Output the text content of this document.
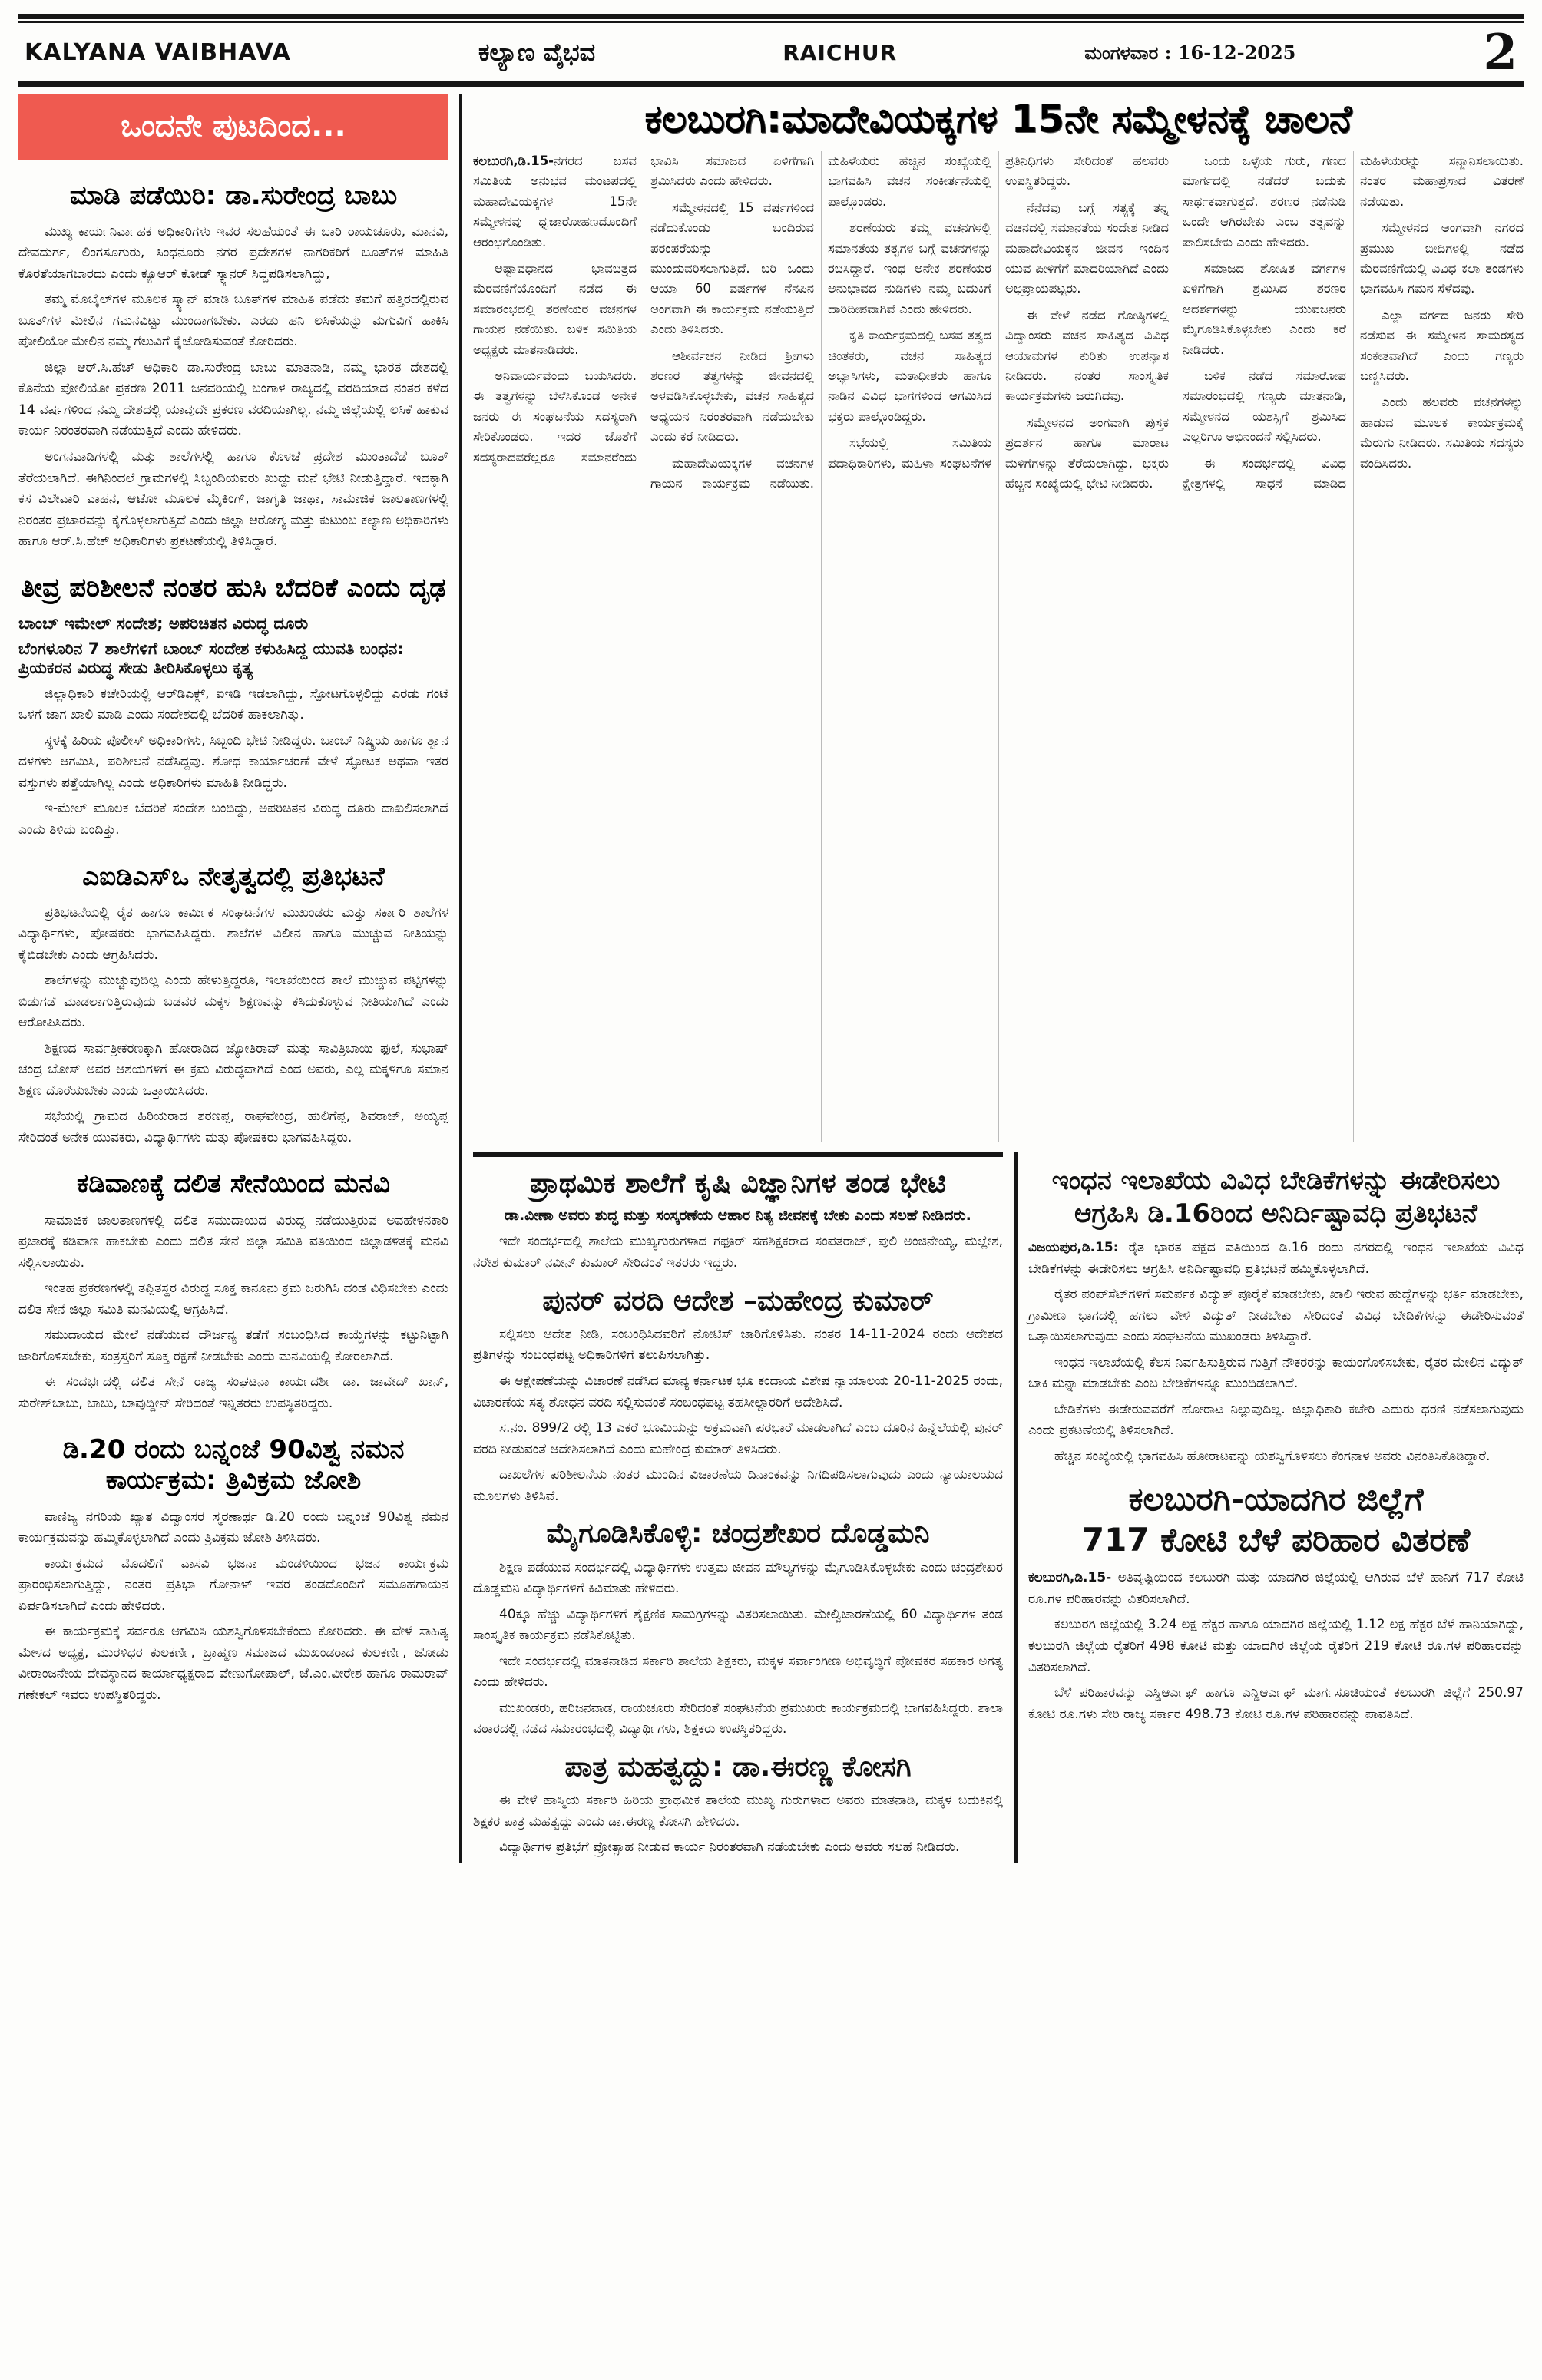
KALYANA VAIBHAVA	ಕಲ್ಯಾಣ ವೈಭವ	RAICHUR	ಮಂಗಳವಾರ : 16-12-2025	2
ಒಂದನೇ ಪುಟದಿಂದ...
ಮಾಡಿ ಪಡೆಯಿರಿ: ಡಾ.ಸುರೇಂದ್ರ ಬಾಬು

ಮುಖ್ಯ ಕಾರ್ಯನಿರ್ವಾಹಕ ಅಧಿಕಾರಿಗಳು ಇವರ ಸಲಹೆಯಂತೆ ಈ ಬಾರಿ ರಾಯಚೂರು, ಮಾನವಿ, ದೇವದುರ್ಗ, ಲಿಂಗಸೂಗುರು, ಸಿಂಧನೂರು ನಗರ ಪ್ರದೇಶಗಳ ನಾಗರಿಕರಿಗೆ ಬೂತ್‌ಗಳ ಮಾಹಿತಿ ಕೊರತೆಯಾಗಬಾರದು ಎಂದು ಕ್ಯೂಆರ್ ಕೋಡ್ ಸ್ಕ್ಯಾನರ್ ಸಿದ್ದಪಡಿಸಲಾಗಿದ್ದು,

ತಮ್ಮ ಮೊಬೈಲ್‌ಗಳ ಮೂಲಕ ಸ್ಕ್ಯಾನ್ ಮಾಡಿ ಬೂತ್‌ಗಳ ಮಾಹಿತಿ ಪಡೆದು ತಮಗೆ ಹತ್ತಿರದಲ್ಲಿರುವ ಬೂತ್‌ಗಳ ಮೇಲಿನ ಗಮನವಿಟ್ಟು ಮುಂದಾಗಬೇಕು. ಎರಡು ಹನಿ ಲಸಿಕೆಯನ್ನು ಮಗುವಿಗೆ ಹಾಕಿಸಿ ಪೋಲಿಯೋ ಮೇಲಿನ ನಮ್ಮ ಗೆಲುವಿಗೆ ಕೈಜೋಡಿಸುವಂತೆ ಕೋರಿದರು.

ಜಿಲ್ಲಾ ಆರ್.ಸಿ.ಹೆಚ್ ಅಧಿಕಾರಿ ಡಾ.ಸುರೇಂದ್ರ ಬಾಬು ಮಾತನಾಡಿ, ನಮ್ಮ ಭಾರತ ದೇಶದಲ್ಲಿ ಕೊನೆಯ ಪೋಲಿಯೋ ಪ್ರಕರಣ 2011 ಜನವರಿಯಲ್ಲಿ ಬಂಗಾಳ ರಾಜ್ಯದಲ್ಲಿ ವರದಿಯಾದ ನಂತರ ಕಳೆದ 14 ವರ್ಷಗಳಿಂದ ನಮ್ಮ ದೇಶದಲ್ಲಿ ಯಾವುದೇ ಪ್ರಕರಣ ವರದಿಯಾಗಿಲ್ಲ. ನಮ್ಮ ಜಿಲ್ಲೆಯಲ್ಲಿ ಲಸಿಕೆ ಹಾಕುವ ಕಾರ್ಯ ನಿರಂತರವಾಗಿ ನಡೆಯುತ್ತಿದೆ ಎಂದು ಹೇಳಿದರು.

ಅಂಗನವಾಡಿಗಳಲ್ಲಿ ಮತ್ತು ಶಾಲೆಗಳಲ್ಲಿ ಹಾಗೂ ಕೊಳಚೆ ಪ್ರದೇಶ ಮುಂತಾದೆಡೆ ಬೂತ್ ತೆರೆಯಲಾಗಿದೆ. ಈಗಿನಿಂದಲೆ ಗ್ರಾಮಗಳಲ್ಲಿ ಸಿಬ್ಬಂದಿಯವರು ಖುದ್ದು ಮನೆ ಭೇಟಿ ನೀಡುತ್ತಿದ್ದಾರೆ. ಇದಕ್ಕಾಗಿ ಕಸ ವಿಲೇವಾರಿ ವಾಹನ, ಆಟೋ ಮೂಲಕ ಮೈಕಿಂಗ್, ಜಾಗೃತಿ ಜಾಥಾ, ಸಾಮಾಜಿಕ ಜಾಲತಾಣಗಳಲ್ಲಿ ನಿರಂತರ ಪ್ರಚಾರವನ್ನು ಕೈಗೊಳ್ಳಲಾಗುತ್ತಿದೆ ಎಂದು ಜಿಲ್ಲಾ ಆರೋಗ್ಯ ಮತ್ತು ಕುಟುಂಬ ಕಲ್ಯಾಣ ಅಧಿಕಾರಿಗಳು ಹಾಗೂ ಆರ್.ಸಿ.ಹೆಚ್ ಅಧಿಕಾರಿಗಳು ಪ್ರಕಟಣೆಯಲ್ಲಿ ತಿಳಿಸಿದ್ದಾರೆ.

ತೀವ್ರ ಪರಿಶೀಲನೆ ನಂತರ ಹುಸಿ ಬೆದರಿಕೆ ಎಂದು ದೃಢ
ಬಾಂಬ್ ಇಮೇಲ್ ಸಂದೇಶ; ಅಪರಿಚಿತನ ವಿರುದ್ಧ ದೂರು
ಬೆಂಗಳೂರಿನ 7 ಶಾಲೆಗಳಿಗೆ ಬಾಂಬ್ ಸಂದೇಶ ಕಳುಹಿಸಿದ್ದ ಯುವತಿ ಬಂಧನ: ಪ್ರಿಯಕರನ ವಿರುದ್ಧ ಸೇಡು ತೀರಿಸಿಕೊಳ್ಳಲು ಕೃತ್ಯ

ಜಿಲ್ಲಾಧಿಕಾರಿ ಕಚೇರಿಯಲ್ಲಿ ಆರ್‌ಡಿಎಕ್ಸ್, ಐಇಡಿ ಇಡಲಾಗಿದ್ದು, ಸ್ಫೋಟಗೊಳ್ಳಲಿದ್ದು ಎರಡು ಗಂಟೆ ಒಳಗೆ ಜಾಗ ಖಾಲಿ ಮಾಡಿ ಎಂದು ಸಂದೇಶದಲ್ಲಿ ಬೆದರಿಕೆ ಹಾಕಲಾಗಿತ್ತು.

ಸ್ಥಳಕ್ಕೆ ಹಿರಿಯ ಪೊಲೀಸ್ ಅಧಿಕಾರಿಗಳು, ಸಿಬ್ಬಂದಿ ಭೇಟಿ ನೀಡಿದ್ದರು. ಬಾಂಬ್ ನಿಷ್ಕ್ರಿಯ ಹಾಗೂ ಶ್ವಾನ ದಳಗಳು ಆಗಮಿಸಿ, ಪರಿಶೀಲನೆ ನಡೆಸಿದ್ದವು. ಶೋಧ ಕಾರ್ಯಾಚರಣೆ ವೇಳೆ ಸ್ಫೋಟಕ ಅಥವಾ ಇತರ ವಸ್ತುಗಳು ಪತ್ತೆಯಾಗಿಲ್ಲ ಎಂದು ಅಧಿಕಾರಿಗಳು ಮಾಹಿತಿ ನೀಡಿದ್ದರು.

ಇ-ಮೇಲ್ ಮೂಲಕ ಬೆದರಿಕೆ ಸಂದೇಶ ಬಂದಿದ್ದು, ಅಪರಿಚಿತನ ವಿರುದ್ಧ ದೂರು ದಾಖಲಿಸಲಾಗಿದೆ ಎಂದು ತಿಳಿದು ಬಂದಿತ್ತು.

ಎಐಡಿಎಸ್‌ಒ ನೇತೃತ್ವದಲ್ಲಿ ಪ್ರತಿಭಟನೆ

ಪ್ರತಿಭಟನೆಯಲ್ಲಿ ರೈತ ಹಾಗೂ ಕಾರ್ಮಿಕ ಸಂಘಟನೆಗಳ ಮುಖಂಡರು ಮತ್ತು ಸರ್ಕಾರಿ ಶಾಲೆಗಳ ವಿದ್ಯಾರ್ಥಿಗಳು, ಪೋಷಕರು ಭಾಗವಹಿಸಿದ್ದರು. ಶಾಲೆಗಳ ವಿಲೀನ ಹಾಗೂ ಮುಚ್ಚುವ ನೀತಿಯನ್ನು ಕೈಬಿಡಬೇಕು ಎಂದು ಆಗ್ರಹಿಸಿದರು.

ಶಾಲೆಗಳನ್ನು ಮುಚ್ಚುವುದಿಲ್ಲ ಎಂದು ಹೇಳುತ್ತಿದ್ದರೂ, ಇಲಾಖೆಯಿಂದ ಶಾಲೆ ಮುಚ್ಚುವ ಪಟ್ಟಿಗಳನ್ನು ಬಿಡುಗಡೆ ಮಾಡಲಾಗುತ್ತಿರುವುದು ಬಡವರ ಮಕ್ಕಳ ಶಿಕ್ಷಣವನ್ನು ಕಸಿದುಕೊಳ್ಳುವ ನೀತಿಯಾಗಿದೆ ಎಂದು ಆರೋಪಿಸಿದರು.

ಶಿಕ್ಷಣದ ಸಾರ್ವತ್ರೀಕರಣಕ್ಕಾಗಿ ಹೋರಾಡಿದ ಜ್ಯೋತಿರಾವ್ ಮತ್ತು ಸಾವಿತ್ರಿಬಾಯಿ ಫುಲೆ, ಸುಭಾಷ್ ಚಂದ್ರ ಬೋಸ್ ಅವರ ಆಶಯಗಳಿಗೆ ಈ ಕ್ರಮ ವಿರುದ್ಧವಾಗಿದೆ ಎಂದ ಅವರು, ಎಲ್ಲ ಮಕ್ಕಳಿಗೂ ಸಮಾನ ಶಿಕ್ಷಣ ದೊರೆಯಬೇಕು ಎಂದು ಒತ್ತಾಯಿಸಿದರು.

ಸಭೆಯಲ್ಲಿ ಗ್ರಾಮದ ಹಿರಿಯರಾದ ಶರಣಪ್ಪ, ರಾಘವೇಂದ್ರ, ಹುಲಿಗೆಪ್ಪ, ಶಿವರಾಜ್, ಅಯ್ಯಪ್ಪ ಸೇರಿದಂತೆ ಅನೇಕ ಯುವಕರು, ವಿದ್ಯಾರ್ಥಿಗಳು ಮತ್ತು ಪೋಷಕರು ಭಾಗವಹಿಸಿದ್ದರು.

ಕಡಿವಾಣಕ್ಕೆ ದಲಿತ ಸೇನೆಯಿಂದ ಮನವಿ

ಸಾಮಾಜಿಕ ಜಾಲತಾಣಗಳಲ್ಲಿ ದಲಿತ ಸಮುದಾಯದ ವಿರುದ್ಧ ನಡೆಯುತ್ತಿರುವ ಅವಹೇಳನಕಾರಿ ಪ್ರಚಾರಕ್ಕೆ ಕಡಿವಾಣ ಹಾಕಬೇಕು ಎಂದು ದಲಿತ ಸೇನೆ ಜಿಲ್ಲಾ ಸಮಿತಿ ವತಿಯಿಂದ ಜಿಲ್ಲಾಡಳಿತಕ್ಕೆ ಮನವಿ ಸಲ್ಲಿಸಲಾಯಿತು.

ಇಂತಹ ಪ್ರಕರಣಗಳಲ್ಲಿ ತಪ್ಪಿತಸ್ಥರ ವಿರುದ್ಧ ಸೂಕ್ತ ಕಾನೂನು ಕ್ರಮ ಜರುಗಿಸಿ ದಂಡ ವಿಧಿಸಬೇಕು ಎಂದು ದಲಿತ ಸೇನೆ ಜಿಲ್ಲಾ ಸಮಿತಿ ಮನವಿಯಲ್ಲಿ ಆಗ್ರಹಿಸಿದೆ.

ಸಮುದಾಯದ ಮೇಲೆ ನಡೆಯುವ ದೌರ್ಜನ್ಯ ತಡೆಗೆ ಸಂಬಂಧಿಸಿದ ಕಾಯ್ದೆಗಳನ್ನು ಕಟ್ಟುನಿಟ್ಟಾಗಿ ಜಾರಿಗೊಳಿಸಬೇಕು, ಸಂತ್ರಸ್ತರಿಗೆ ಸೂಕ್ತ ರಕ್ಷಣೆ ನೀಡಬೇಕು ಎಂದು ಮನವಿಯಲ್ಲಿ ಕೋರಲಾಗಿದೆ.

ಈ ಸಂದರ್ಭದಲ್ಲಿ ದಲಿತ ಸೇನೆ ರಾಜ್ಯ ಸಂಘಟನಾ ಕಾರ್ಯದರ್ಶಿ ಡಾ. ಜಾವೇದ್ ಖಾನ್, ಸುರೇಶ್‌ಬಾಬು, ಬಾಬು, ಬಾವುದ್ದೀನ್ ಸೇರಿದಂತೆ ಇನ್ನಿತರರು ಉಪಸ್ಥಿತರಿದ್ದರು.

ಡಿ.20 ರಂದು ಬನ್ನಂಜೆ 90ವಿಶ್ವ ನಮನ ಕಾರ್ಯಕ್ರಮ: ತ್ರಿವಿಕ್ರಮ ಜೋಶಿ

ವಾಣಿಜ್ಯ ನಗರಿಯ ಖ್ಯಾತ ವಿದ್ವಾಂಸರ ಸ್ಮರಣಾರ್ಥ ಡಿ.20 ರಂದು ಬನ್ನಂಜೆ 90ವಿಶ್ವ ನಮನ ಕಾರ್ಯಕ್ರಮವನ್ನು ಹಮ್ಮಿಕೊಳ್ಳಲಾಗಿದೆ ಎಂದು ತ್ರಿವಿಕ್ರಮ ಜೋಶಿ ತಿಳಿಸಿದರು.

ಕಾರ್ಯಕ್ರಮದ ಮೊದಲಿಗೆ ವಾಸವಿ ಭಜನಾ ಮಂಡಳಿಯಿಂದ ಭಜನ ಕಾರ್ಯಕ್ರಮ ಪ್ರಾರಂಭಿಸಲಾಗುತ್ತಿದ್ದು, ನಂತರ ಪ್ರತಿಭಾ ಗೋನಾಳ್ ಇವರ ತಂಡದೊಂದಿಗೆ ಸಮೂಹಗಾಯನ ಏರ್ಪಡಿಸಲಾಗಿದೆ ಎಂದು ಹೇಳಿದರು.

ಈ ಕಾರ್ಯಕ್ರಮಕ್ಕೆ ಸರ್ವರೂ ಆಗಮಿಸಿ ಯಶಸ್ವಿಗೊಳಿಸಬೇಕೆಂದು ಕೋರಿದರು. ಈ ವೇಳೆ ಸಾಹಿತ್ಯ ಮೇಳದ ಅಧ್ಯಕ್ಷ, ಮುರಳಿಧರ ಕುಲಕರ್ಣಿ, ಬ್ರಾಹ್ಮಣ ಸಮಾಜದ ಮುಖಂಡರಾದ ಕುಲಕರ್ಣಿ, ಜೋಡು ವೀರಾಂಜನೇಯ ದೇವಸ್ಥಾನದ ಕಾರ್ಯಾಧ್ಯಕ್ಷರಾದ ವೇಣುಗೋಪಾಲ್, ಜೆ.ಎಂ.ವೀರೇಶ ಹಾಗೂ ರಾಮರಾವ್ ಗಣೇಕಲ್ ಇವರು ಉಪಸ್ಥಿತರಿದ್ದರು.

ಕಲಬುರಗಿ:ಮಾದೇವಿಯಕ್ಕಗಳ 15ನೇ ಸಮ್ಮೇಳನಕ್ಕೆ ಚಾಲನೆ

ಕಲಬುರಗಿ,ಡಿ.15-ನಗರದ ಬಸವ ಸಮಿತಿಯ ಅನುಭವ ಮಂಟಪದಲ್ಲಿ ಮಹಾದೇವಿಯಕ್ಕಗಳ 15ನೇ ಸಮ್ಮೇಳನವು ಧ್ವಜಾರೋಹಣದೊಂದಿಗೆ ಆರಂಭಗೊಂಡಿತು.

ಅಷ್ಟಾವಧಾನದ ಭಾವಚಿತ್ರದ ಮೆರವಣಿಗೆಯೊಂದಿಗೆ ನಡೆದ ಈ ಸಮಾರಂಭದಲ್ಲಿ ಶರಣೆಯರ ವಚನಗಳ ಗಾಯನ ನಡೆಯಿತು. ಬಳಿಕ ಸಮಿತಿಯ ಅಧ್ಯಕ್ಷರು ಮಾತನಾಡಿದರು.

ಅನಿವಾರ್ಯವೆಂದು ಬಯಸಿದರು. ಈ ತತ್ವಗಳನ್ನು ಬೆಳೆಸಿಕೊಂಡ ಅನೇಕ ಜನರು ಈ ಸಂಘಟನೆಯ ಸದಸ್ಯರಾಗಿ ಸೇರಿಕೊಂಡರು. ಇದರ ಜೊತೆಗೆ ಸದಸ್ಯರಾದವರೆಲ್ಲರೂ ಸಮಾನರೆಂದು ಭಾವಿಸಿ ಸಮಾಜದ ಏಳಿಗೆಗಾಗಿ ಶ್ರಮಿಸಿದರು ಎಂದು ಹೇಳಿದರು.

ಸಮ್ಮೇಳನದಲ್ಲಿ 15 ವರ್ಷಗಳಿಂದ ನಡೆದುಕೊಂಡು ಬಂದಿರುವ ಪರಂಪರೆಯನ್ನು ಮುಂದುವರಿಸಲಾಗುತ್ತಿದೆ. ಬರಿ ಒಂದು ಆಯಾ 60 ವರ್ಷಗಳ ನೆನಪಿನ ಅಂಗವಾಗಿ ಈ ಕಾರ್ಯಕ್ರಮ ನಡೆಯುತ್ತಿದೆ ಎಂದು ತಿಳಿಸಿದರು.

ಆಶೀರ್ವಚನ ನೀಡಿದ ಶ್ರೀಗಳು ಶರಣರ ತತ್ವಗಳನ್ನು ಜೀವನದಲ್ಲಿ ಅಳವಡಿಸಿಕೊಳ್ಳಬೇಕು, ವಚನ ಸಾಹಿತ್ಯದ ಅಧ್ಯಯನ ನಿರಂತರವಾಗಿ ನಡೆಯಬೇಕು ಎಂದು ಕರೆ ನೀಡಿದರು.

ಮಹಾದೇವಿಯಕ್ಕಗಳ ವಚನಗಳ ಗಾಯನ ಕಾರ್ಯಕ್ರಮ ನಡೆಯಿತು. ಮಹಿಳೆಯರು ಹೆಚ್ಚಿನ ಸಂಖ್ಯೆಯಲ್ಲಿ ಭಾಗವಹಿಸಿ ವಚನ ಸಂಕೀರ್ತನೆಯಲ್ಲಿ ಪಾಲ್ಗೊಂಡರು.

ಶರಣೆಯರು ತಮ್ಮ ವಚನಗಳಲ್ಲಿ ಸಮಾನತೆಯ ತತ್ವಗಳ ಬಗ್ಗೆ ವಚನಗಳನ್ನು ರಚಿಸಿದ್ದಾರೆ. ಇಂಥ ಅನೇಕ ಶರಣೆಯರ ಅನುಭಾವದ ನುಡಿಗಳು ನಮ್ಮ ಬದುಕಿಗೆ ದಾರಿದೀಪವಾಗಿವೆ ಎಂದು ಹೇಳಿದರು.

ಕೃತಿ ಕಾರ್ಯಕ್ರಮದಲ್ಲಿ ಬಸವ ತತ್ವದ ಚಿಂತಕರು, ವಚನ ಸಾಹಿತ್ಯದ ಅಭ್ಯಾಸಿಗಳು, ಮಠಾಧೀಶರು ಹಾಗೂ ನಾಡಿನ ವಿವಿಧ ಭಾಗಗಳಿಂದ ಆಗಮಿಸಿದ ಭಕ್ತರು ಪಾಲ್ಗೊಂಡಿದ್ದರು.

ಸಭೆಯಲ್ಲಿ ಸಮಿತಿಯ ಪದಾಧಿಕಾರಿಗಳು, ಮಹಿಳಾ ಸಂಘಟನೆಗಳ ಪ್ರತಿನಿಧಿಗಳು ಸೇರಿದಂತೆ ಹಲವರು ಉಪಸ್ಥಿತರಿದ್ದರು.

ನೆನೆದವು ಬಗ್ಗೆ ಸತ್ಯಕ್ಕೆ ತನ್ನ ವಚನದಲ್ಲಿ ಸಮಾನತೆಯ ಸಂದೇಶ ನೀಡಿದ ಮಹಾದೇವಿಯಕ್ಕನ ಜೀವನ ಇಂದಿನ ಯುವ ಪೀಳಿಗೆಗೆ ಮಾದರಿಯಾಗಿದೆ ಎಂದು ಅಭಿಪ್ರಾಯಪಟ್ಟರು.

ಈ ವೇಳೆ ನಡೆದ ಗೋಷ್ಠಿಗಳಲ್ಲಿ ವಿದ್ವಾಂಸರು ವಚನ ಸಾಹಿತ್ಯದ ವಿವಿಧ ಆಯಾಮಗಳ ಕುರಿತು ಉಪನ್ಯಾಸ ನೀಡಿದರು. ನಂತರ ಸಾಂಸ್ಕೃತಿಕ ಕಾರ್ಯಕ್ರಮಗಳು ಜರುಗಿದವು.

ಸಮ್ಮೇಳನದ ಅಂಗವಾಗಿ ಪುಸ್ತಕ ಪ್ರದರ್ಶನ ಹಾಗೂ ಮಾರಾಟ ಮಳಿಗೆಗಳನ್ನು ತೆರೆಯಲಾಗಿದ್ದು, ಭಕ್ತರು ಹೆಚ್ಚಿನ ಸಂಖ್ಯೆಯಲ್ಲಿ ಭೇಟಿ ನೀಡಿದರು.

ಒಂದು ಒಳ್ಳೆಯ ಗುರು, ಗಣದ ಮಾರ್ಗದಲ್ಲಿ ನಡೆದರೆ ಬದುಕು ಸಾರ್ಥಕವಾಗುತ್ತದೆ. ಶರಣರ ನಡೆನುಡಿ ಒಂದೇ ಆಗಿರಬೇಕು ಎಂಬ ತತ್ವವನ್ನು ಪಾಲಿಸಬೇಕು ಎಂದು ಹೇಳಿದರು.

ಸಮಾಜದ ಶೋಷಿತ ವರ್ಗಗಳ ಏಳಿಗೆಗಾಗಿ ಶ್ರಮಿಸಿದ ಶರಣರ ಆದರ್ಶಗಳನ್ನು ಯುವಜನರು ಮೈಗೂಡಿಸಿಕೊಳ್ಳಬೇಕು ಎಂದು ಕರೆ ನೀಡಿದರು.

ಬಳಿಕ ನಡೆದ ಸಮಾರೋಪ ಸಮಾರಂಭದಲ್ಲಿ ಗಣ್ಯರು ಮಾತನಾಡಿ, ಸಮ್ಮೇಳನದ ಯಶಸ್ಸಿಗೆ ಶ್ರಮಿಸಿದ ಎಲ್ಲರಿಗೂ ಅಭಿನಂದನೆ ಸಲ್ಲಿಸಿದರು.

ಈ ಸಂದರ್ಭದಲ್ಲಿ ವಿವಿಧ ಕ್ಷೇತ್ರಗಳಲ್ಲಿ ಸಾಧನೆ ಮಾಡಿದ ಮಹಿಳೆಯರನ್ನು ಸನ್ಮಾನಿಸಲಾಯಿತು. ನಂತರ ಮಹಾಪ್ರಸಾದ ವಿತರಣೆ ನಡೆಯಿತು.

ಸಮ್ಮೇಳನದ ಅಂಗವಾಗಿ ನಗರದ ಪ್ರಮುಖ ಬೀದಿಗಳಲ್ಲಿ ನಡೆದ ಮೆರವಣಿಗೆಯಲ್ಲಿ ವಿವಿಧ ಕಲಾ ತಂಡಗಳು ಭಾಗವಹಿಸಿ ಗಮನ ಸೆಳೆದವು.

ಎಲ್ಲಾ ವರ್ಗದ ಜನರು ಸೇರಿ ನಡೆಸುವ ಈ ಸಮ್ಮೇಳನ ಸಾಮರಸ್ಯದ ಸಂಕೇತವಾಗಿದೆ ಎಂದು ಗಣ್ಯರು ಬಣ್ಣಿಸಿದರು.

ಎಂದು ಹಲವರು ವಚನಗಳನ್ನು ಹಾಡುವ ಮೂಲಕ ಕಾರ್ಯಕ್ರಮಕ್ಕೆ ಮೆರುಗು ನೀಡಿದರು. ಸಮಿತಿಯ ಸದಸ್ಯರು ವಂದಿಸಿದರು.

ಪ್ರಾಥಮಿಕ ಶಾಲೆಗೆ ಕೃಷಿ ವಿಜ್ಞಾನಿಗಳ ತಂಡ ಭೇಟಿ
ಡಾ.ವೀಣಾ ಅವರು ಶುದ್ಧ ಮತ್ತು ಸಂಸ್ಕರಣೆಯ ಆಹಾರ ನಿತ್ಯ ಜೀವನಕ್ಕೆ ಬೇಕು ಎಂದು ಸಲಹೆ ನೀಡಿದರು.

ಇದೇ ಸಂದರ್ಭದಲ್ಲಿ ಶಾಲೆಯ ಮುಖ್ಯಗುರುಗಳಾದ ಗಫೂರ್ ಸಹಶಿಕ್ಷಕರಾದ ಸಂಪತರಾಜ್, ಪುಲಿ ಅಂಜಿನೇಯ್ಯ, ಮಲ್ಲೇಶ, ನರೇಶ ಕುಮಾರ್ ನವೀನ್ ಕುಮಾರ್ ಸೇರಿದಂತೆ ಇತರರು ಇದ್ದರು.

ಪುನರ್ ವರದಿ ಆದೇಶ –ಮಹೇಂದ್ರ ಕುಮಾರ್

ಸಲ್ಲಿಸಲು ಆದೇಶ ನೀಡಿ, ಸಂಬಂಧಿಸಿದವರಿಗೆ ನೋಟಿಸ್ ಜಾರಿಗೊಳಿಸಿತು. ನಂತರ 14-11-2024 ರಂದು ಆದೇಶದ ಪ್ರತಿಗಳನ್ನು ಸಂಬಂಧಪಟ್ಟ ಅಧಿಕಾರಿಗಳಿಗೆ ತಲುಪಿಸಲಾಗಿತ್ತು.

ಈ ಆಕ್ಷೇಪಣೆಯನ್ನು ವಿಚಾರಣೆ ನಡೆಸಿದ ಮಾನ್ಯ ಕರ್ನಾಟಕ ಭೂ ಕಂದಾಯ ವಿಶೇಷ ನ್ಯಾಯಾಲಯ 20-11-2025 ರಂದು, ವಿಚಾರಣೆಯ ಸತ್ಯ ಶೋಧನ ವರದಿ ಸಲ್ಲಿಸುವಂತೆ ಸಂಬಂಧಪಟ್ಟ ತಹಸೀಲ್ದಾರರಿಗೆ ಆದೇಶಿಸಿದೆ.

ಸ.ನಂ. 899/2 ರಲ್ಲಿ 13 ಎಕರೆ ಭೂಮಿಯನ್ನು ಅಕ್ರಮವಾಗಿ ಪರಭಾರೆ ಮಾಡಲಾಗಿದೆ ಎಂಬ ದೂರಿನ ಹಿನ್ನೆಲೆಯಲ್ಲಿ ಪುನರ್ ವರದಿ ನೀಡುವಂತೆ ಆದೇಶಿಸಲಾಗಿದೆ ಎಂದು ಮಹೇಂದ್ರ ಕುಮಾರ್ ತಿಳಿಸಿದರು.

ದಾಖಲೆಗಳ ಪರಿಶೀಲನೆಯ ನಂತರ ಮುಂದಿನ ವಿಚಾರಣೆಯ ದಿನಾಂಕವನ್ನು ನಿಗದಿಪಡಿಸಲಾಗುವುದು ಎಂದು ನ್ಯಾಯಾಲಯದ ಮೂಲಗಳು ತಿಳಿಸಿವೆ.

ಮೈಗೂಡಿಸಿಕೊಳ್ಳಿ: ಚಂದ್ರಶೇಖರ ದೊಡ್ಡಮನಿ

ಶಿಕ್ಷಣ ಪಡೆಯುವ ಸಂದರ್ಭದಲ್ಲಿ ವಿದ್ಯಾರ್ಥಿಗಳು ಉತ್ತಮ ಜೀವನ ಮೌಲ್ಯಗಳನ್ನು ಮೈಗೂಡಿಸಿಕೊಳ್ಳಬೇಕು ಎಂದು ಚಂದ್ರಶೇಖರ ದೊಡ್ಡಮನಿ ವಿದ್ಯಾರ್ಥಿಗಳಿಗೆ ಕಿವಿಮಾತು ಹೇಳಿದರು.

40ಕ್ಕೂ ಹೆಚ್ಚು ವಿದ್ಯಾರ್ಥಿಗಳಿಗೆ ಶೈಕ್ಷಣಿಕ ಸಾಮಗ್ರಿಗಳನ್ನು ವಿತರಿಸಲಾಯಿತು. ಮೇಲ್ವಿಚಾರಣೆಯಲ್ಲಿ 60 ವಿದ್ಯಾರ್ಥಿಗಳ ತಂಡ ಸಾಂಸ್ಕೃತಿಕ ಕಾರ್ಯಕ್ರಮ ನಡೆಸಿಕೊಟ್ಟಿತು.

ಇದೇ ಸಂದರ್ಭದಲ್ಲಿ ಮಾತನಾಡಿದ ಸರ್ಕಾರಿ ಶಾಲೆಯ ಶಿಕ್ಷಕರು, ಮಕ್ಕಳ ಸರ್ವಾಂಗೀಣ ಅಭಿವೃದ್ಧಿಗೆ ಪೋಷಕರ ಸಹಕಾರ ಅಗತ್ಯ ಎಂದು ಹೇಳಿದರು.

ಮುಖಂಡರು, ಹರಿಜನವಾಡ, ರಾಯಚೂರು ಸೇರಿದಂತೆ ಸಂಘಟನೆಯ ಪ್ರಮುಖರು ಕಾರ್ಯಕ್ರಮದಲ್ಲಿ ಭಾಗವಹಿಸಿದ್ದರು. ಶಾಲಾ ವಠಾರದಲ್ಲಿ ನಡೆದ ಸಮಾರಂಭದಲ್ಲಿ ವಿದ್ಯಾರ್ಥಿಗಳು, ಶಿಕ್ಷಕರು ಉಪಸ್ಥಿತರಿದ್ದರು.

ಪಾತ್ರ ಮಹತ್ವದ್ದು: ಡಾ.ಈರಣ್ಣ ಕೋಸಗಿ

ಈ ವೇಳೆ ಹಾಸ್ಮಿಯ ಸರ್ಕಾರಿ ಹಿರಿಯ ಪ್ರಾಥಮಿಕ ಶಾಲೆಯ ಮುಖ್ಯ ಗುರುಗಳಾದ ಅವರು ಮಾತನಾಡಿ, ಮಕ್ಕಳ ಬದುಕಿನಲ್ಲಿ ಶಿಕ್ಷಕರ ಪಾತ್ರ ಮಹತ್ವದ್ದು ಎಂದು ಡಾ.ಈರಣ್ಣ ಕೋಸಗಿ ಹೇಳಿದರು.

ವಿದ್ಯಾರ್ಥಿಗಳ ಪ್ರತಿಭೆಗೆ ಪ್ರೋತ್ಸಾಹ ನೀಡುವ ಕಾರ್ಯ ನಿರಂತರವಾಗಿ ನಡೆಯಬೇಕು ಎಂದು ಅವರು ಸಲಹೆ ನೀಡಿದರು.

ಇಂಧನ ಇಲಾಖೆಯ ವಿವಿಧ ಬೇಡಿಕೆಗಳನ್ನು ಈಡೇರಿಸಲು
ಆಗ್ರಹಿಸಿ ಡಿ.16ರಿಂದ ಅನಿರ್ದಿಷ್ಟಾವಧಿ ಪ್ರತಿಭಟನೆ

ವಿಜಯಪುರ,ಡಿ.15: ರೈತ ಭಾರತ ಪಕ್ಷದ ವತಿಯಿಂದ ಡಿ.16 ರಂದು ನಗರದಲ್ಲಿ ಇಂಧನ ಇಲಾಖೆಯ ವಿವಿಧ ಬೇಡಿಕೆಗಳನ್ನು ಈಡೇರಿಸಲು ಆಗ್ರಹಿಸಿ ಅನಿರ್ದಿಷ್ಟಾವಧಿ ಪ್ರತಿಭಟನೆ ಹಮ್ಮಿಕೊಳ್ಳಲಾಗಿದೆ.

ರೈತರ ಪಂಪ್‌ಸೆಟ್‌ಗಳಿಗೆ ಸಮರ್ಪಕ ವಿದ್ಯುತ್ ಪೂರೈಕೆ ಮಾಡಬೇಕು, ಖಾಲಿ ಇರುವ ಹುದ್ದೆಗಳನ್ನು ಭರ್ತಿ ಮಾಡಬೇಕು, ಗ್ರಾಮೀಣ ಭಾಗದಲ್ಲಿ ಹಗಲು ವೇಳೆ ವಿದ್ಯುತ್ ನೀಡಬೇಕು ಸೇರಿದಂತೆ ವಿವಿಧ ಬೇಡಿಕೆಗಳನ್ನು ಈಡೇರಿಸುವಂತೆ ಒತ್ತಾಯಿಸಲಾಗುವುದು ಎಂದು ಸಂಘಟನೆಯ ಮುಖಂಡರು ತಿಳಿಸಿದ್ದಾರೆ.

ಇಂಧನ ಇಲಾಖೆಯಲ್ಲಿ ಕೆಲಸ ನಿರ್ವಹಿಸುತ್ತಿರುವ ಗುತ್ತಿಗೆ ನೌಕರರನ್ನು ಕಾಯಂಗೊಳಿಸಬೇಕು, ರೈತರ ಮೇಲಿನ ವಿದ್ಯುತ್ ಬಾಕಿ ಮನ್ನಾ ಮಾಡಬೇಕು ಎಂಬ ಬೇಡಿಕೆಗಳನ್ನೂ ಮುಂದಿಡಲಾಗಿದೆ.

ಬೇಡಿಕೆಗಳು ಈಡೇರುವವರೆಗೆ ಹೋರಾಟ ನಿಲ್ಲುವುದಿಲ್ಲ. ಜಿಲ್ಲಾಧಿಕಾರಿ ಕಚೇರಿ ಎದುರು ಧರಣಿ ನಡೆಸಲಾಗುವುದು ಎಂದು ಪ್ರಕಟಣೆಯಲ್ಲಿ ತಿಳಿಸಲಾಗಿದೆ.

ಹೆಚ್ಚಿನ ಸಂಖ್ಯೆಯಲ್ಲಿ ಭಾಗವಹಿಸಿ ಹೋರಾಟವನ್ನು ಯಶಸ್ವಿಗೊಳಿಸಲು ಕೆಂಗನಾಳ ಅವರು ವಿನಂತಿಸಿಕೊಡಿದ್ದಾರೆ.

ಕಲಬುರಗಿ-ಯಾದಗಿರ ಜಿಲ್ಲೆಗೆ
717 ಕೋಟಿ ಬೆಳೆ ಪರಿಹಾರ ವಿತರಣೆ

ಕಲಬುರಗಿ,ಡಿ.15- ಅತಿವೃಷ್ಟಿಯಿಂದ ಕಲಬುರಗಿ ಮತ್ತು ಯಾದಗಿರ ಜಿಲ್ಲೆಯಲ್ಲಿ ಆಗಿರುವ ಬೆಳೆ ಹಾನಿಗೆ 717 ಕೋಟಿ ರೂ.ಗಳ ಪರಿಹಾರವನ್ನು ವಿತರಿಸಲಾಗಿದೆ.

ಕಲಬುರಗಿ ಜಿಲ್ಲೆಯಲ್ಲಿ 3.24 ಲಕ್ಷ ಹೆಕ್ಟರ ಹಾಗೂ ಯಾದಗಿರ ಜಿಲ್ಲೆಯಲ್ಲಿ 1.12 ಲಕ್ಷ ಹೆಕ್ಟರ ಬೆಳೆ ಹಾನಿಯಾಗಿದ್ದು, ಕಲಬುರಗಿ ಜಿಲ್ಲೆಯ ರೈತರಿಗೆ 498 ಕೋಟಿ ಮತ್ತು ಯಾದಗಿರ ಜಿಲ್ಲೆಯ ರೈತರಿಗೆ 219 ಕೋಟಿ ರೂ.ಗಳ ಪರಿಹಾರವನ್ನು ವಿತರಿಸಲಾಗಿದೆ.

ಬೆಳೆ ಪರಿಹಾರವನ್ನು ಎಸ್ಡಿಆರ್ಎಫ್ ಹಾಗೂ ಎನ್ಡಿಆರ್ಎಫ್ ಮಾರ್ಗಸೂಚಿಯಂತೆ ಕಲಬುರಗಿ ಜಿಲ್ಲೆಗೆ 250.97 ಕೋಟಿ ರೂ.ಗಳು ಸೇರಿ ರಾಜ್ಯ ಸರ್ಕಾರ 498.73 ಕೋಟಿ ರೂ.ಗಳ ಪರಿಹಾರವನ್ನು ಪಾವತಿಸಿದೆ.
